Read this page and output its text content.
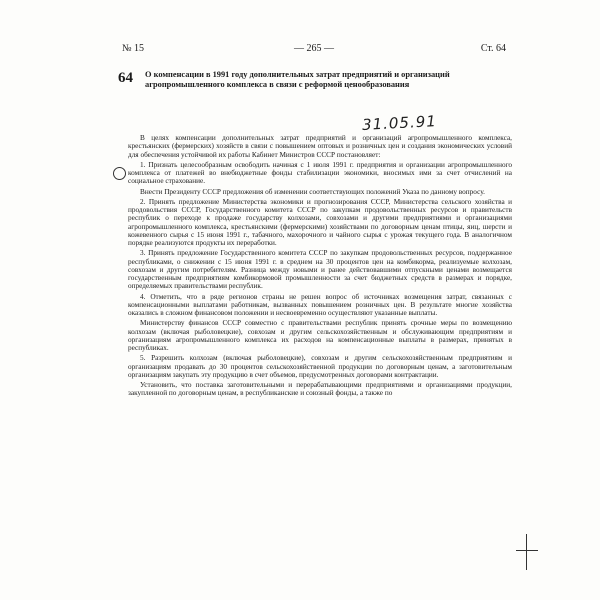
№ 15	— 265 —	Ст. 64
64 О компенсации в 1991 году дополнительных затрат предприятий и организаций агропромышленного комплекса в связи с реформой ценообразования
31.05.91

В целях компенсации дополнительных затрат предприятий и организаций агропромышленного комплекса, крестьянских (фермерских) хозяйств в связи с повышением оптовых и розничных цен и создания экономических условий для обеспечения устойчивой их работы Кабинет Министров СССР постановляет:

1. Признать целесообразным освободить начиная с 1 июля 1991 г. предприятия и организации агропромышленного комплекса от платежей во внебюджетные фонды стабилизации экономики, вносимых ими за счет отчислений на социальное страхование.

Внести Президенту СССР предложения об изменении соответствующих положений Указа по данному вопросу.

2. Принять предложение Министерства экономики и прогнозирования СССР, Министерства сельского хозяйства и продовольствия СССР, Государственного комитета СССР по закупкам продовольственных ресурсов и правительств республик о переходе к продаже государству колхозами, совхозами и другими предприятиями и организациями агропромышленного комплекса, крестьянскими (фермерскими) хозяйствами по договорным ценам птицы, яиц, шерсти и кожевенного сырья с 15 июня 1991 г., табачного, махорочного и чайного сырья с урожая текущего года. В аналогичном порядке реализуются продукты их переработки.

3. Принять предложение Государственного комитета СССР по закупкам продовольственных ресурсов, поддержанное республиками, о снижении с 15 июня 1991 г. в среднем на 30 процентов цен на комбикорма, реализуемые колхозам, совхозам и другим потребителям. Разница между новыми и ранее действовавшими отпускными ценами возмещается государственным предприятиям комбикормовой промышленности за счет бюджетных средств в размерах и порядке, определяемых правительствами республик.

4. Отметить, что в ряде регионов страны не решен вопрос об источниках возмещения затрат, связанных с компенсационными выплатами работникам, вызванных повышением розничных цен. В результате многие хозяйства оказались в сложном финансовом положении и несвоевременно осуществляют указанные выплаты.

Министерству финансов СССР совместно с правительствами республик принять срочные меры по возмещению колхозам (включая рыболовецкие), совхозам и другим сельскохозяйственным и обслуживающим предприятиям и организациям агропромышленного комплекса их расходов на компенсационные выплаты в размерах, принятых в республиках.

5. Разрешить колхозам (включая рыболовецкие), совхозам и другим сельскохозяйственным предприятиям и организациям продавать до 30 процентов сельскохозяйственной продукции по договорным ценам, а заготовительным организациям закупать эту продукцию в счет объемов, предусмотренных договорами контрактации.

Установить, что поставка заготовительными и перерабатывающими предприятиями и организациями продукции, закупленной по договорным ценам, в республиканские и союзный фонды, а также по
